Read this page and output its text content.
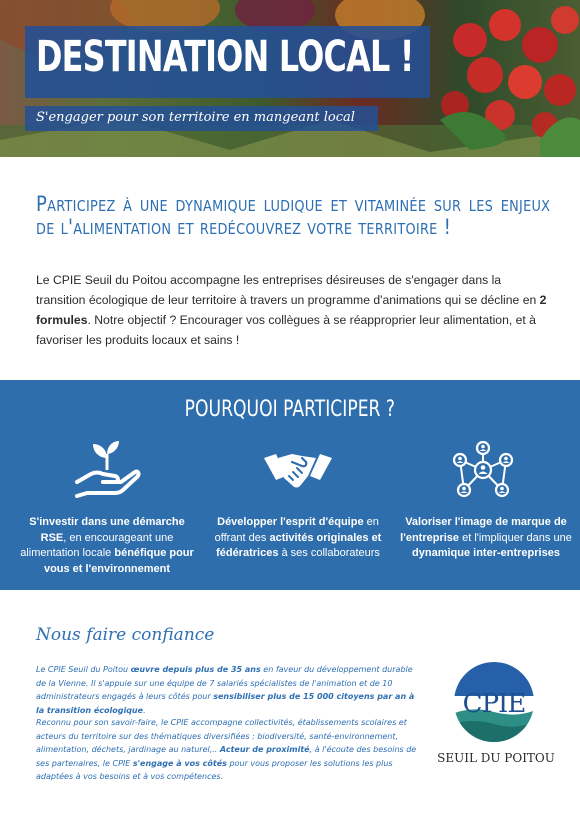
DESTINATION LOCAL !
S'engager pour son territoire en mangeant local
Participez à une dynamique ludique et vitaminée sur les enjeux de l'alimentation et redécouvrez votre territoire !

Le CPIE Seuil du Poitou accompagne les entreprises désireuses de s'engager dans la transition écologique de leur territoire à travers un programme d'animations qui se décline en 2 formules. Notre objectif ? Encourager vos collègues à se réapproprier leur alimentation, et à favoriser les produits locaux et sains !

POURQUOI PARTICIPER ?
S'investir dans une démarche RSE, en encourageant une alimentation locale bénéfique pour vous et l'environnement
Développer l'esprit d'équipe en offrant des activités originales et fédératrices à ses collaborateurs
Valoriser l'image de marque de l'entreprise et l'impliquer dans une dynamique inter-entreprises
Nous faire confiance

Le CPIE Seuil du Poitou œuvre depuis plus de 35 ans en faveur du développement durable de la Vienne. Il s'appuie sur une équipe de 7 salariés spécialistes de l'animation et de 10 administrateurs engagés à leurs côtés pour sensibiliser plus de 15 000 citoyens par an à la transition écologique.

Reconnu pour son savoir-faire, le CPIE accompagne collectivités, établissements scolaires et acteurs du territoire sur des thématiques diversifiées : biodiversité, santé-environnement, alimentation, déchets, jardinage au naturel,.. Acteur de proximité, à l'écoute des besoins de ses partenaires, le CPIE s'engage à vos côtés pour vous proposer les solutions les plus adaptées à vos besoins et à vos compétences.

CPIE
SEUIL DU POITOU
